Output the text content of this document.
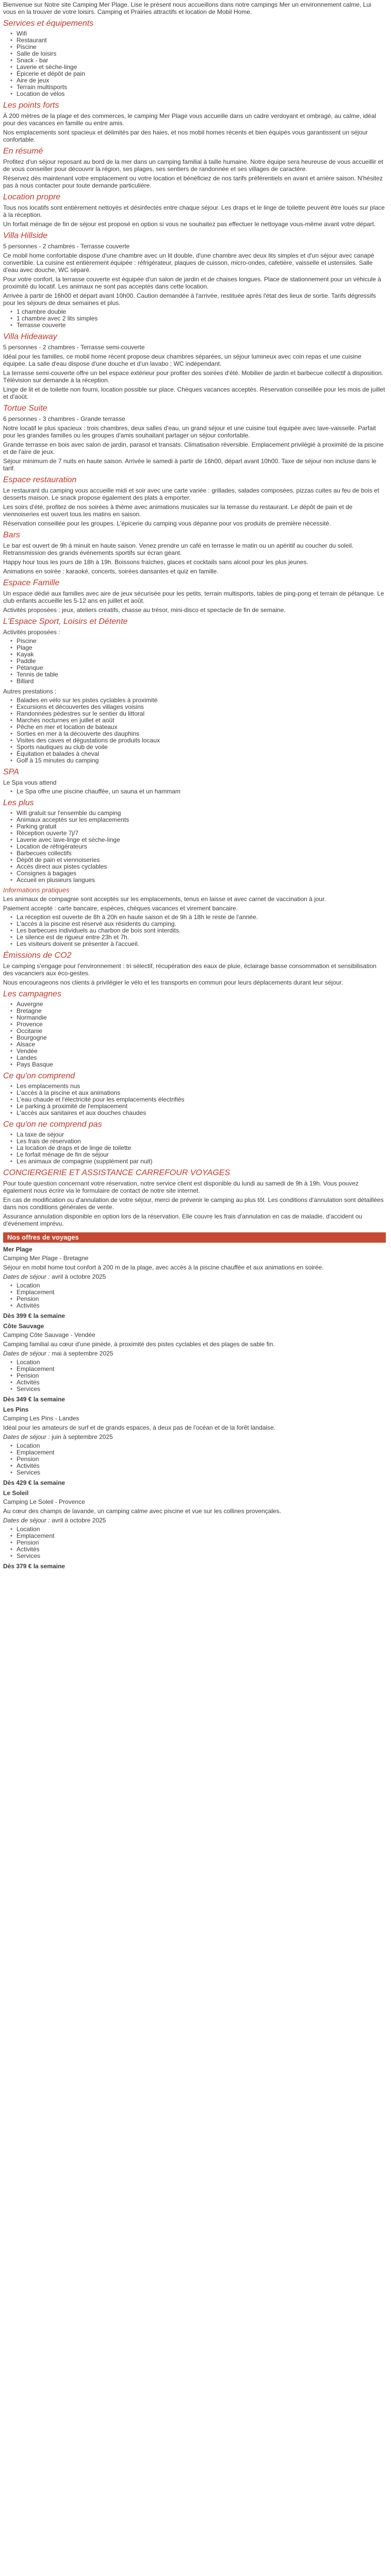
Bienvenue sur Notre site Camping Mer Plage. Lise le présent nous accueillons dans notre campings Mer un environnement calme, Lui vous en la trouver de votre loisirs. Camping et Prairies attractifs et location de Mobil Home.

Services et équipements
• Wifi
• Restaurant
• Piscine
• Salle de loisirs
• Snack - bar
• Laverie et sèche-linge
• Épicerie et dépôt de pain
• Aire de jeux
• Terrain multisports
• Location de vélos
Les points forts

À 200 mètres de la plage et des commerces, le camping Mer Plage vous accueille dans un cadre verdoyant et ombragé, au calme, idéal pour des vacances en famille ou entre amis.

Nos emplacements sont spacieux et délimités par des haies, et nos mobil homes récents et bien équipés vous garantissent un séjour confortable.

En résumé

Profitez d'un séjour reposant au bord de la mer dans un camping familial à taille humaine. Notre équipe sera heureuse de vous accueillir et de vous conseiller pour découvrir la région, ses plages, ses sentiers de randonnée et ses villages de caractère.

Réservez dès maintenant votre emplacement ou votre location et bénéficiez de nos tarifs préférentiels en avant et arrière saison. N'hésitez pas à nous contacter pour toute demande particulière.

Location propre

Tous nos locatifs sont entièrement nettoyés et désinfectés entre chaque séjour. Les draps et le linge de toilette peuvent être loués sur place à la réception.

Un forfait ménage de fin de séjour est proposé en option si vous ne souhaitez pas effectuer le nettoyage vous-même avant votre départ.

Villa Hillside

5 personnes - 2 chambres - Terrasse couverte

Ce mobil home confortable dispose d'une chambre avec un lit double, d'une chambre avec deux lits simples et d'un séjour avec canapé convertible. La cuisine est entièrement équipée : réfrigérateur, plaques de cuisson, micro-ondes, cafetière, vaisselle et ustensiles. Salle d'eau avec douche, WC séparé.

Pour votre confort, la terrasse couverte est équipée d'un salon de jardin et de chaises longues. Place de stationnement pour un véhicule à proximité du locatif. Les animaux ne sont pas acceptés dans cette location.

Arrivée à partir de 16h00 et départ avant 10h00. Caution demandée à l'arrivée, restituée après l'état des lieux de sortie. Tarifs dégressifs pour les séjours de deux semaines et plus.

• 1 chambre double
• 1 chambre avec 2 lits simples
• Terrasse couverte
Villa Hideaway

5 personnes - 2 chambres - Terrasse semi-couverte

Idéal pour les familles, ce mobil home récent propose deux chambres séparées, un séjour lumineux avec coin repas et une cuisine équipée. La salle d'eau dispose d'une douche et d'un lavabo ; WC indépendant.

La terrasse semi-couverte offre un bel espace extérieur pour profiter des soirées d'été. Mobilier de jardin et barbecue collectif à disposition. Télévision sur demande à la réception.

Linge de lit et de toilette non fourni, location possible sur place. Chèques vacances acceptés. Réservation conseillée pour les mois de juillet et d'août.

Tortue Suite

6 personnes - 3 chambres - Grande terrasse

Notre locatif le plus spacieux : trois chambres, deux salles d'eau, un grand séjour et une cuisine tout équipée avec lave-vaisselle. Parfait pour les grandes familles ou les groupes d'amis souhaitant partager un séjour confortable.

Grande terrasse en bois avec salon de jardin, parasol et transats. Climatisation réversible. Emplacement privilégié à proximité de la piscine et de l'aire de jeux.

Séjour minimum de 7 nuits en haute saison. Arrivée le samedi à partir de 16h00, départ avant 10h00. Taxe de séjour non incluse dans le tarif.

Espace restauration

Le restaurant du camping vous accueille midi et soir avec une carte variée : grillades, salades composées, pizzas cuites au feu de bois et desserts maison. Le snack propose également des plats à emporter.

Les soirs d'été, profitez de nos soirées à thème avec animations musicales sur la terrasse du restaurant. Le dépôt de pain et de viennoiseries est ouvert tous les matins en saison.

Réservation conseillée pour les groupes. L'épicerie du camping vous dépanne pour vos produits de première nécessité.

Bars

Le bar est ouvert de 9h à minuit en haute saison. Venez prendre un café en terrasse le matin ou un apéritif au coucher du soleil. Retransmission des grands événements sportifs sur écran géant.

Happy hour tous les jours de 18h à 19h. Boissons fraîches, glaces et cocktails sans alcool pour les plus jeunes.

Animations en soirée : karaoké, concerts, soirées dansantes et quiz en famille.

Espace Famille

Un espace dédié aux familles avec aire de jeux sécurisée pour les petits, terrain multisports, tables de ping-pong et terrain de pétanque. Le club enfants accueille les 5-12 ans en juillet et août.

Activités proposées : jeux, ateliers créatifs, chasse au trésor, mini-disco et spectacle de fin de semaine.

L'Espace Sport, Loisirs et Détente

Activités proposées :

• Piscine
• Plage
• Kayak
• Paddle
• Pétanque
• Tennis de table
• Billard

Autres prestations :

• Balades en vélo sur les pistes cyclables à proximité
• Excursions et découvertes des villages voisins
• Randonnées pédestres sur le sentier du littoral
• Marchés nocturnes en juillet et août
• Pêche en mer et location de bateaux
• Sorties en mer à la découverte des dauphins
• Visites des caves et dégustations de produits locaux
• Sports nautiques au club de voile
• Équitation et balades à cheval
• Golf à 15 minutes du camping
SPA

Le Spa vous attend

• Le Spa offre une piscine chauffée, un sauna et un hammam
Les plus
• Wifi gratuit sur l'ensemble du camping
• Animaux acceptés sur les emplacements
• Parking gratuit
• Réception ouverte 7j/7
• Laverie avec lave-linge et sèche-linge
• Location de réfrigérateurs
• Barbecues collectifs
• Dépôt de pain et viennoiseries
• Accès direct aux pistes cyclables
• Consignes à bagages
• Accueil en plusieurs langues
Informations pratiques

Les animaux de compagnie sont acceptés sur les emplacements, tenus en laisse et avec carnet de vaccination à jour.

Paiement accepté : carte bancaire, espèces, chèques vacances et virement bancaire.

• La réception est ouverte de 8h à 20h en haute saison et de 9h à 18h le reste de l'année.
• L'accès à la piscine est réservé aux résidents du camping.
• Les barbecues individuels au charbon de bois sont interdits.
• Le silence est de rigueur entre 23h et 7h.
• Les visiteurs doivent se présenter à l'accueil.
Émissions de CO2

Le camping s'engage pour l'environnement : tri sélectif, récupération des eaux de pluie, éclairage basse consommation et sensibilisation des vacanciers aux éco-gestes.

Nous encourageons nos clients à privilégier le vélo et les transports en commun pour leurs déplacements durant leur séjour.

Les campagnes
• Auvergne
• Bretagne
• Normandie
• Provence
• Occitanie
• Bourgogne
• Alsace
• Vendée
• Landes
• Pays Basque
Ce qu'on comprend
• Les emplacements nus
• L'accès à la piscine et aux animations
• L'eau chaude et l'électricité pour les emplacements électrifiés
• Le parking à proximité de l'emplacement
• L'accès aux sanitaires et aux douches chaudes
Ce qu'on ne comprend pas
• La taxe de séjour
• Les frais de réservation
• La location de draps et de linge de toilette
• Le forfait ménage de fin de séjour
• Les animaux de compagnie (supplément par nuit)
CONCIERGERIE ET ASSISTANCE CARREFOUR VOYAGES

Pour toute question concernant votre réservation, notre service client est disponible du lundi au samedi de 9h à 19h. Vous pouvez également nous écrire via le formulaire de contact de notre site internet.

En cas de modification ou d'annulation de votre séjour, merci de prévenir le camping au plus tôt. Les conditions d'annulation sont détaillées dans nos conditions générales de vente.

Assurance annulation disponible en option lors de la réservation. Elle couvre les frais d'annulation en cas de maladie, d'accident ou d'événement imprévu.

Nos offres de voyages
Mer Plage

Camping Mer Plage - Bretagne

Séjour en mobil home tout confort à 200 m de la plage, avec accès à la piscine chauffée et aux animations en soirée.

Dates de séjour : avril à octobre 2025

• Location
• Emplacement
• Pension
• Activités

Dès 399 € la semaine

Côte Sauvage

Camping Côte Sauvage - Vendée

Camping familial au cœur d'une pinède, à proximité des pistes cyclables et des plages de sable fin.

Dates de séjour : mai à septembre 2025

• Location
• Emplacement
• Pension
• Activités
• Services

Dès 349 € la semaine

Les Pins

Camping Les Pins - Landes

Idéal pour les amateurs de surf et de grands espaces, à deux pas de l'océan et de la forêt landaise.

Dates de séjour : juin à septembre 2025

• Location
• Emplacement
• Pension
• Activités
• Services

Dès 429 € la semaine

Le Soleil

Camping Le Soleil - Provence

Au cœur des champs de lavande, un camping calme avec piscine et vue sur les collines provençales.

Dates de séjour : avril à octobre 2025

• Location
• Emplacement
• Pension
• Activités
• Services

Dès 379 € la semaine
